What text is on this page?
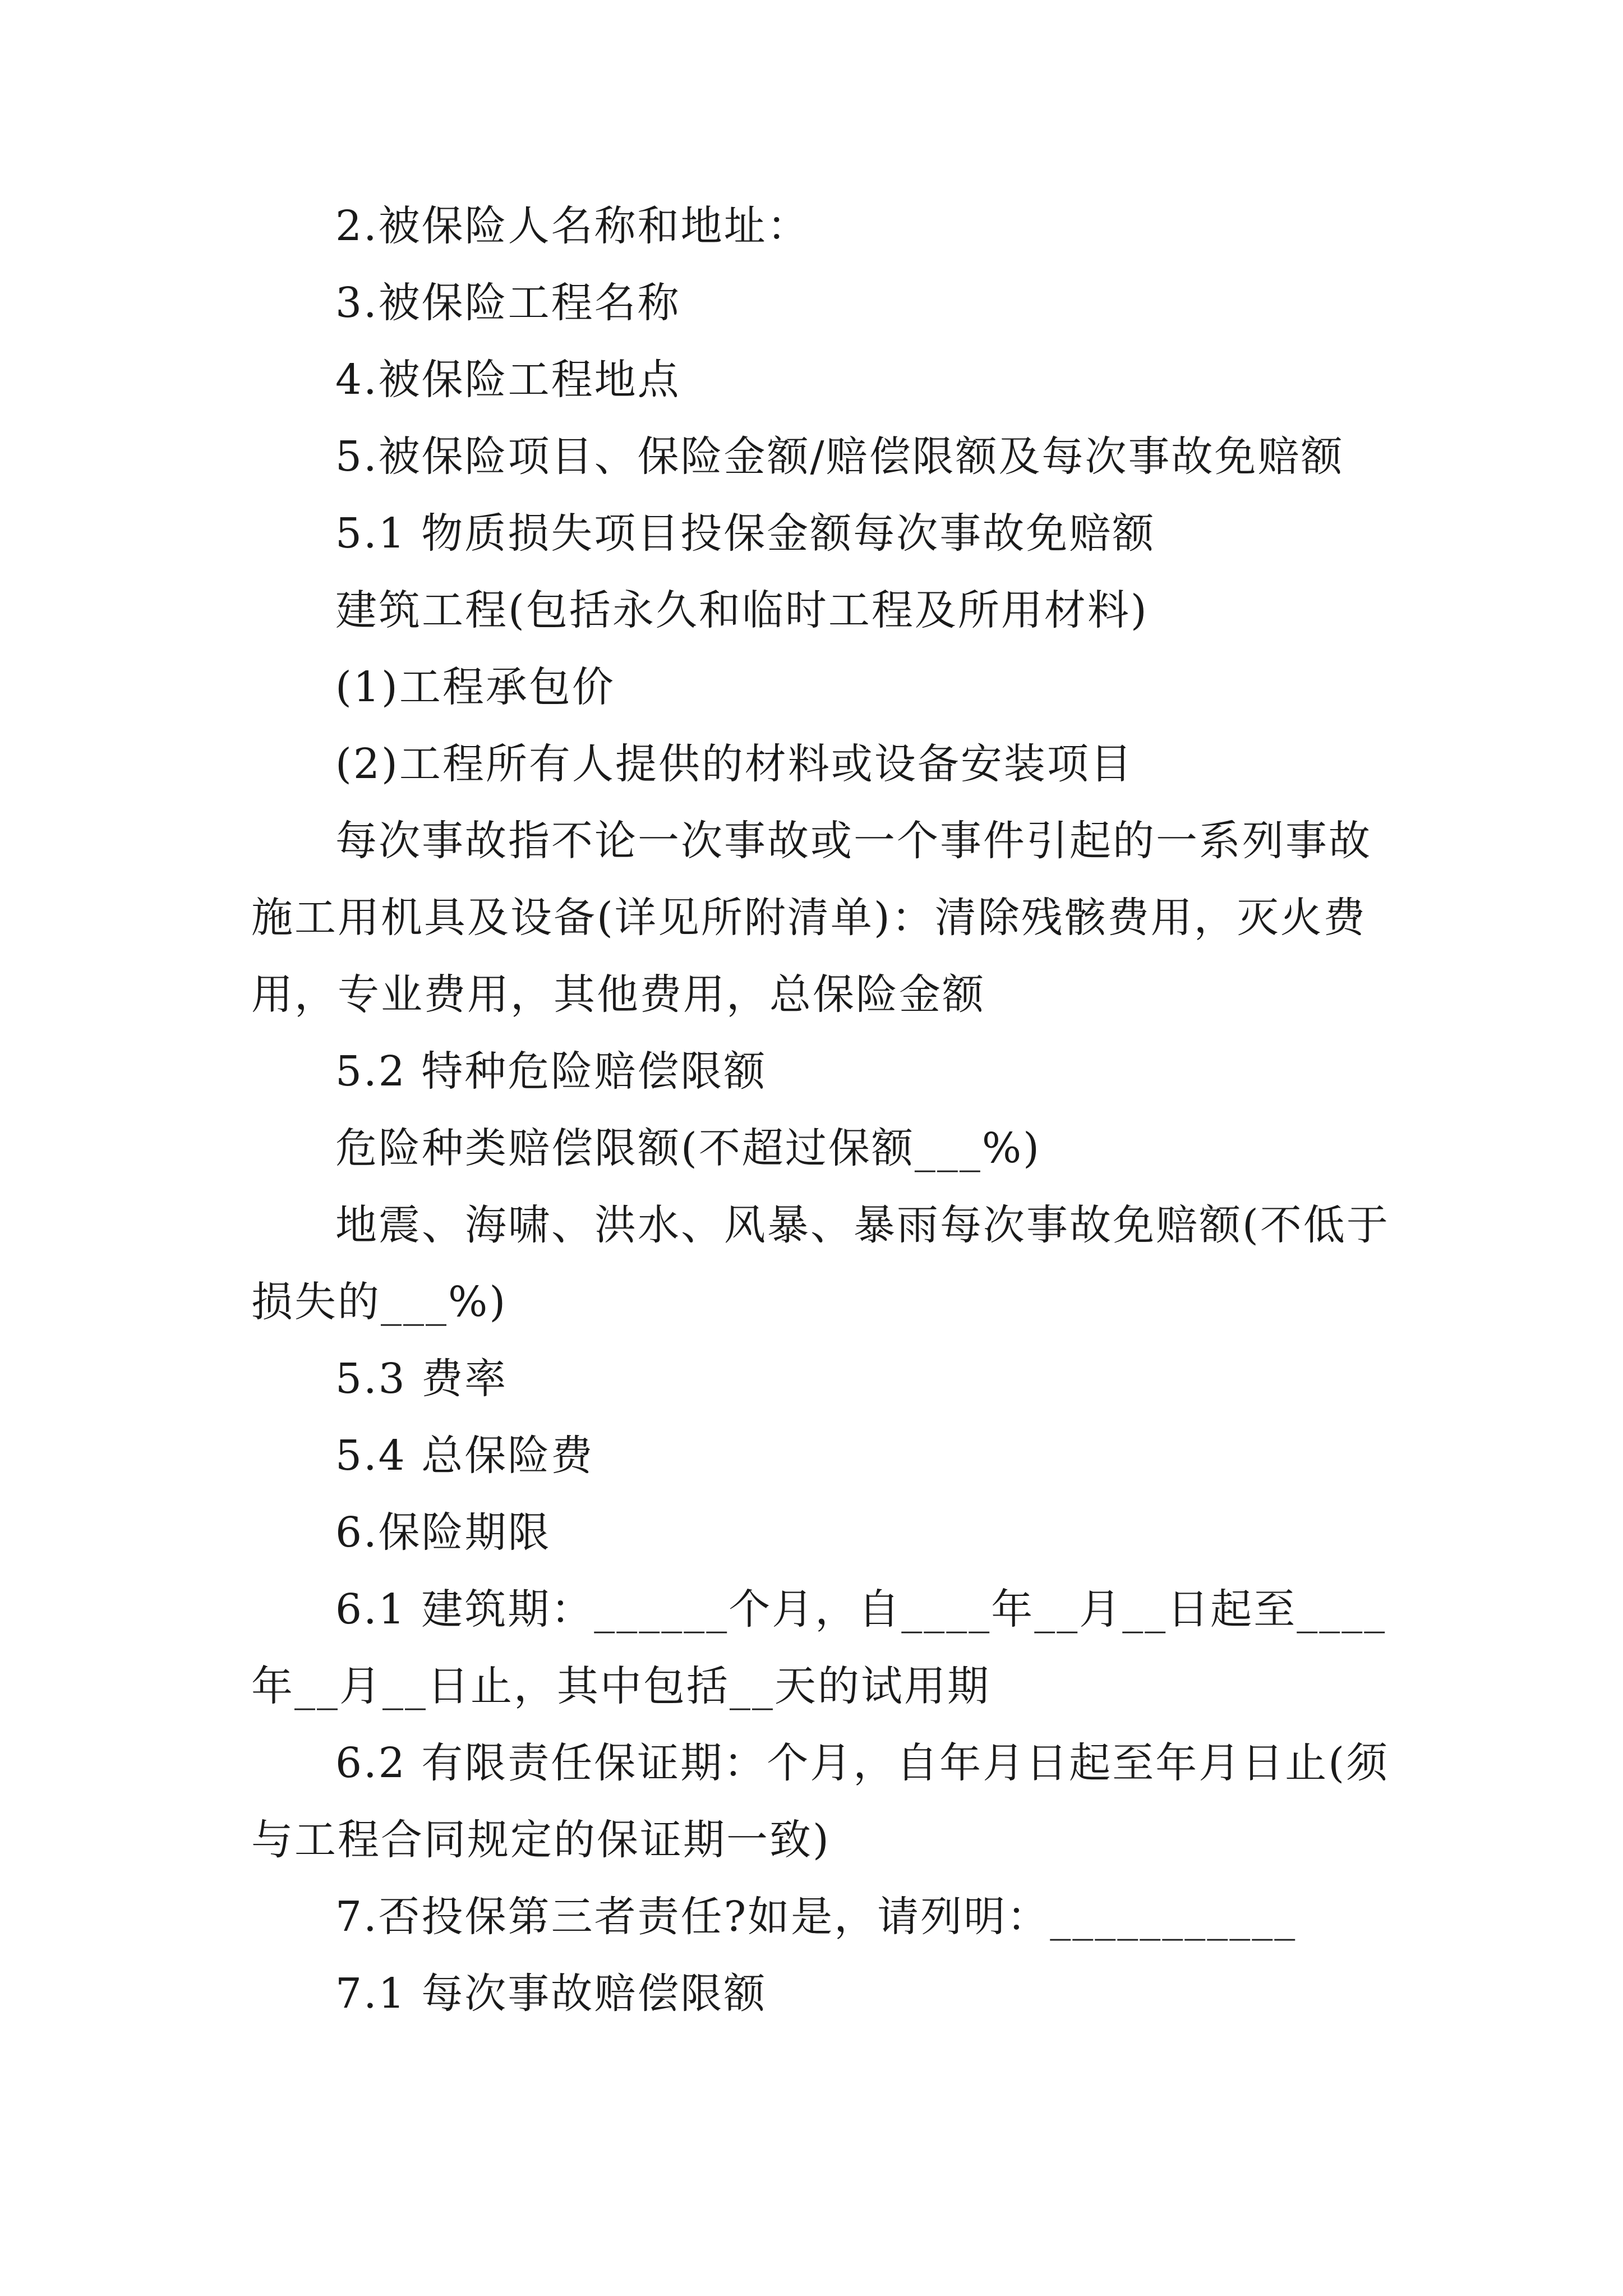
2.被保险人名称和地址：

3.被保险工程名称

4.被保险工程地点

5.被保险项目、保险金额/赔偿限额及每次事故免赔额

5.1 物质损失项目投保金额每次事故免赔额

建筑工程(包括永久和临时工程及所用材料)

(1)工程承包价

(2)工程所有人提供的材料或设备安装项目

每次事故指不论一次事故或一个事件引起的一系列事故施工用机具及设备(详见所附清单)：清除残骸费用，灭火费用，专业费用，其他费用，总保险金额

5.2 特种危险赔偿限额

危险种类赔偿限额(不超过保额___%)

地震、海啸、洪水、风暴、暴雨每次事故免赔额(不低于损失的___%)

5.3 费率

5.4 总保险费

6.保险期限

6.1 建筑期：______个月，自____年__月__日起至____年__月__日止，其中包括__天的试用期

6.2 有限责任保证期：个月，自年月日起至年月日止(须与工程合同规定的保证期一致)

7.否投保第三者责任?如是，请列明：___________

7.1 每次事故赔偿限额
